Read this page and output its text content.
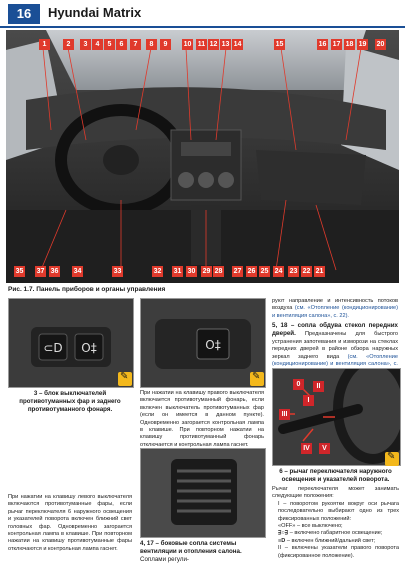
16	Hyundai Matrix
1	2	3	4	5	6	7	8	9	10 11 12 13 14	15	16 17 18 19 20
35 37 36 34	33	32 31 30 29 28 27 26 25 24 23 22 21
Рис. 1.7. Панель приборов и органы управления
⊂D O‡
✎
3 – блок выключателей противотуманных фар и заднего противотуманного фонаря.
При нажатии на клавишу левого выключателя включаются противотуманные фары, если рычаг переключателя 6 наружного освещения и указателей поворота включен ближний свет головных фар. Одновременно загорается контрольная лампа в клавише. При повторном нажатии на клавишу противотуманные фары отключаются и контрольная лампа гаснет.
O‡
✎
При нажатии на клавишу правого выключателя включается противотуманный фонарь, если включен выключатель противотуманных фар (если он имеется в данном пункте). Одновременно загорается контрольная лампа в клавише. При повторном нажатии на клавишу противотуманный фонарь отключается и контрольная лампа гаснет.
4, 17 – боковые сопла системы вентиляции и отопления салона. Соплами регули-
руют направление и интенсивность потоков воздуха (см. «Отопление (кондиционирование) и вентиляция салона», с. 22).
5, 18 – сопла обдува стекол передних дверей. Предназначены для быстрого устранения запотевания и изморози на стеклах передних дверей в районе обзора наружных зеркал заднего вида (см. «Отопление (кондиционирование) и вентиляция салона», с.
0
I
II
III
IV	V
✎
6 – рычаг переключателя наружного освещения и указателей поворота.
Рычаг переключателя может занимать следующие положения:
I – поворотом рукоятки вокруг оси рычага последовательно выбирают одно из трех фиксированных положений:
«OFF» – все выключено;
ᴟ○ᴟ – включено габаритное освещение;
≡D – включен ближний/дальний свет;
II – включены указатели правого поворота (фиксированное положение).
